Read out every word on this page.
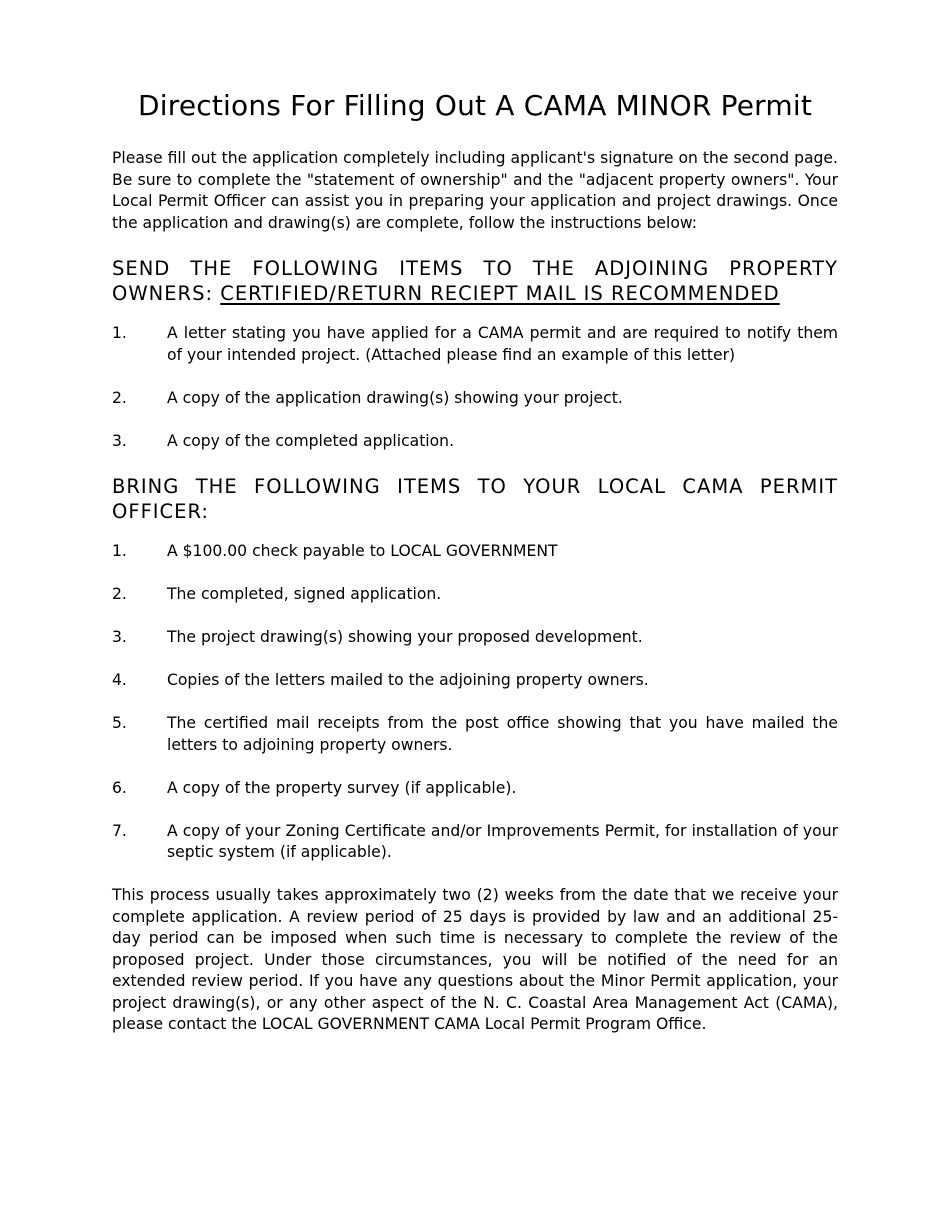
Directions For Filling Out A CAMA MINOR Permit

Please fill out the application completely including applicant's signature on the second page. Be sure to complete the "statement of ownership" and the "adjacent property owners". Your Local Permit Officer can assist you in preparing your application and project drawings. Once the application and drawing(s) are complete, follow the instructions below:

SEND THE FOLLOWING ITEMS TO THE ADJOINING PROPERTY OWNERS: CERTIFIED/RETURN RECIEPT MAIL IS RECOMMENDED
1.	A letter stating you have applied for a CAMA permit and are required to notify them of your intended project. (Attached please find an example of this letter)
2.	A copy of the application drawing(s) showing your project.
3.	A copy of the completed application.
BRING THE FOLLOWING ITEMS TO YOUR LOCAL CAMA PERMIT OFFICER:
1.	A $100.00 check payable to LOCAL GOVERNMENT
2.	The completed, signed application.
3.	The project drawing(s) showing your proposed development.
4.	Copies of the letters mailed to the adjoining property owners.
5.	The certified mail receipts from the post office showing that you have mailed the letters to adjoining property owners.
6.	A copy of the property survey (if applicable).
7.	A copy of your Zoning Certificate and/or Improvements Permit, for installation of your septic system (if applicable).

This process usually takes approximately two (2) weeks from the date that we receive your complete application. A review period of 25 days is provided by law and an additional 25-day period can be imposed when such time is necessary to complete the review of the proposed project. Under those circumstances, you will be notified of the need for an extended review period. If you have any questions about the Minor Permit application, your project drawing(s), or any other aspect of the N. C. Coastal Area Management Act (CAMA), please contact the LOCAL GOVERNMENT CAMA Local Permit Program Office.
